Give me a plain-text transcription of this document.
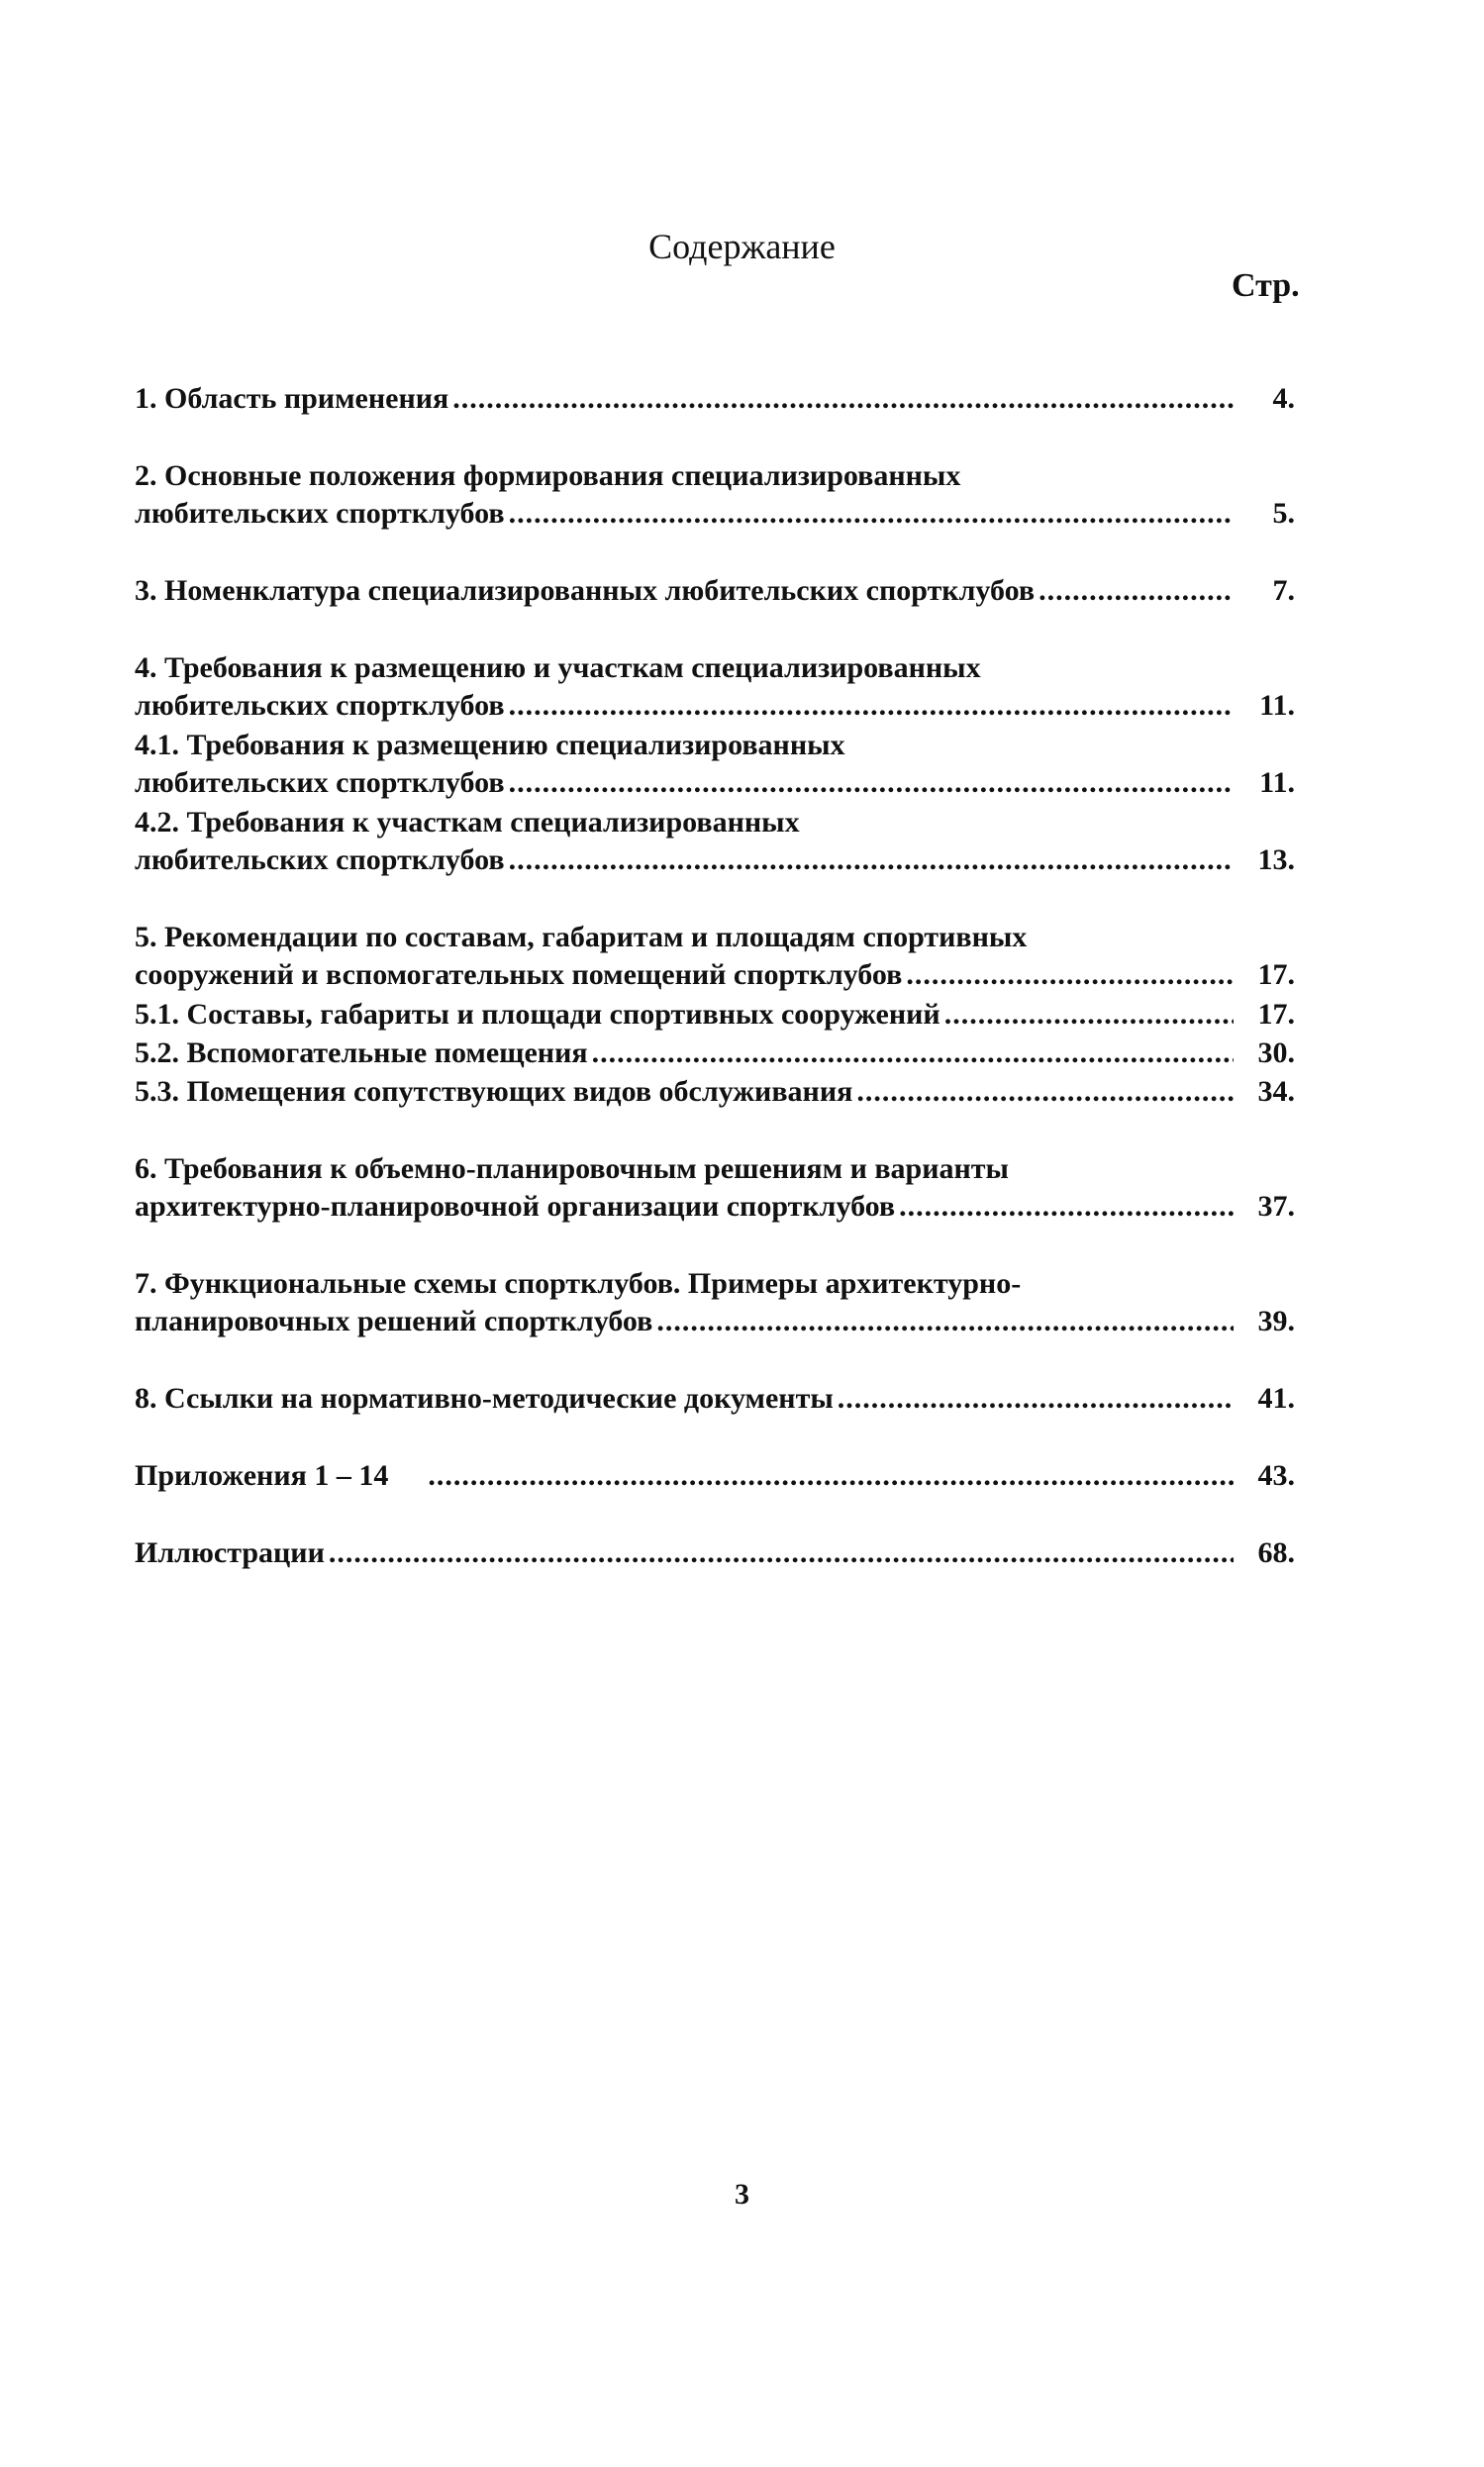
Содержание
Стр.
1. Область применения .....	4.
2. Основные положения формирования специализированных
любительских спортклубов .....	5.
3. Номенклатура специализированных любительских спортклубов .....	7.
4. Требования к размещению и участкам специализированных
любительских спортклубов .....	11.
4.1. Требования к размещению специализированных
любительских спортклубов .....	11.
4.2. Требования к участкам специализированных
любительских спортклубов .....	13.
5. Рекомендации по составам, габаритам и площадям спортивных
сооружений и вспомогательных помещений спортклубов .....	17.
5.1. Составы, габариты и площади спортивных сооружений .....	17.
5.2. Вспомогательные помещения .....	30.
5.3. Помещения сопутствующих видов обслуживания .....	34.
6. Требования к объемно-планировочным решениям и варианты
архитектурно-планировочной организации спортклубов .....	37.
7. Функциональные схемы спортклубов. Примеры архитектурно-
планировочных решений спортклубов .....	39.
8. Ссылки на нормативно-методические документы .....	41.
Приложения 1 – 14 .....	43.
Иллюстрации .....	68.
3
